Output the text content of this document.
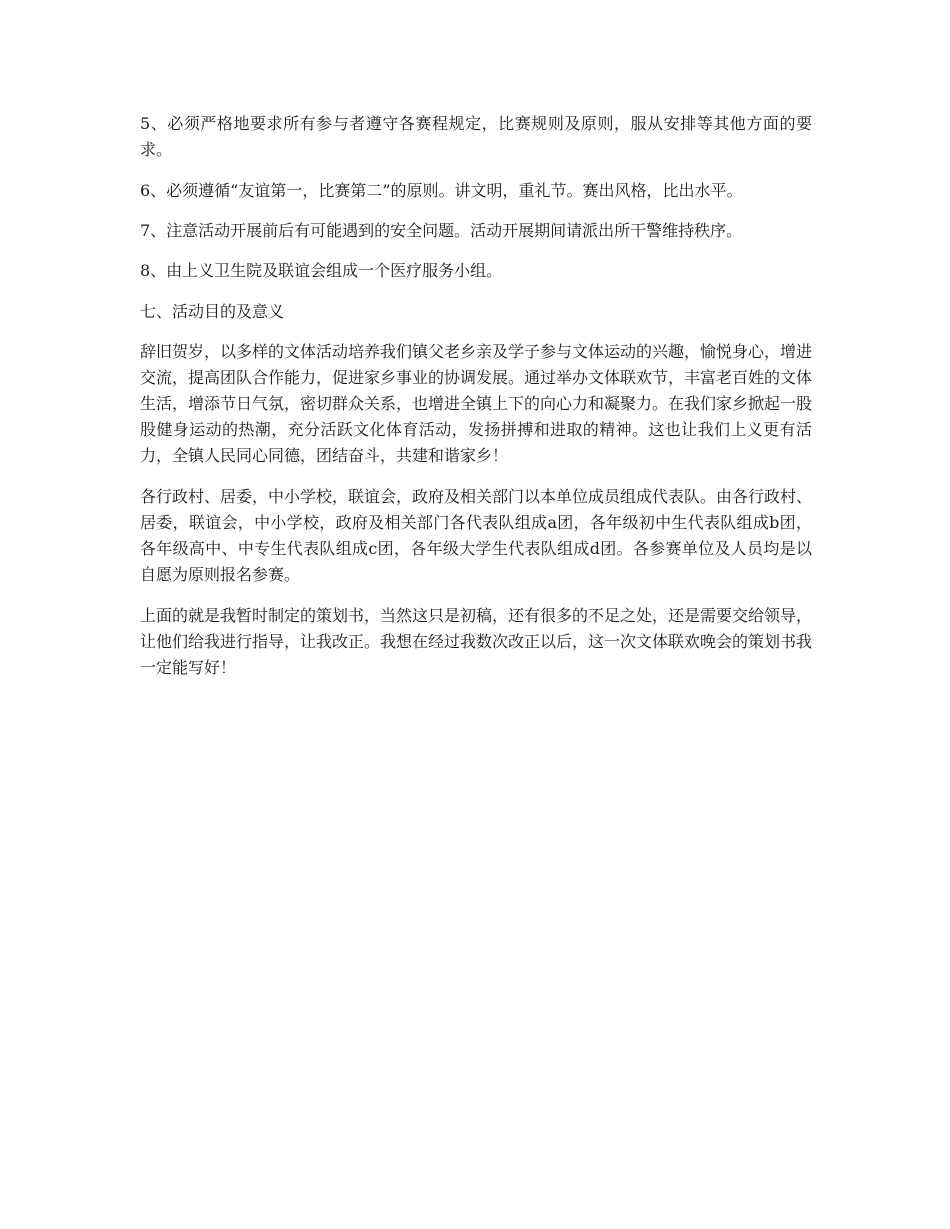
5、必须严格地要求所有参与者遵守各赛程规定，比赛规则及原则，服从安排等其他方面的要求。

6、必须遵循“友谊第一，比赛第二”的原则。讲文明，重礼节。赛出风格，比出水平。

7、注意活动开展前后有可能遇到的安全问题。活动开展期间请派出所干警维持秩序。

8、由上义卫生院及联谊会组成一个医疗服务小组。

七、活动目的及意义

辞旧贺岁，以多样的文体活动培养我们镇父老乡亲及学子参与文体运动的兴趣，愉悦身心，增进交流，提高团队合作能力，促进家乡事业的协调发展。通过举办文体联欢节，丰富老百姓的文体生活，增添节日气氛，密切群众关系，也增进全镇上下的向心力和凝聚力。在我们家乡掀起一股股健身运动的热潮，充分活跃文化体育活动，发扬拼搏和进取的精神。这也让我们上义更有活力，全镇人民同心同德，团结奋斗，共建和谐家乡！

各行政村、居委，中小学校，联谊会，政府及相关部门以本单位成员组成代表队。由各行政村、居委，联谊会，中小学校，政府及相关部门各代表队组成a团，各年级初中生代表队组成b团，各年级高中、中专生代表队组成c团，各年级大学生代表队组成d团。各参赛单位及人员均是以自愿为原则报名参赛。

上面的就是我暂时制定的策划书，当然这只是初稿，还有很多的不足之处，还是需要交给领导，让他们给我进行指导，让我改正。我想在经过我数次改正以后，这一次文体联欢晚会的策划书我一定能写好！
